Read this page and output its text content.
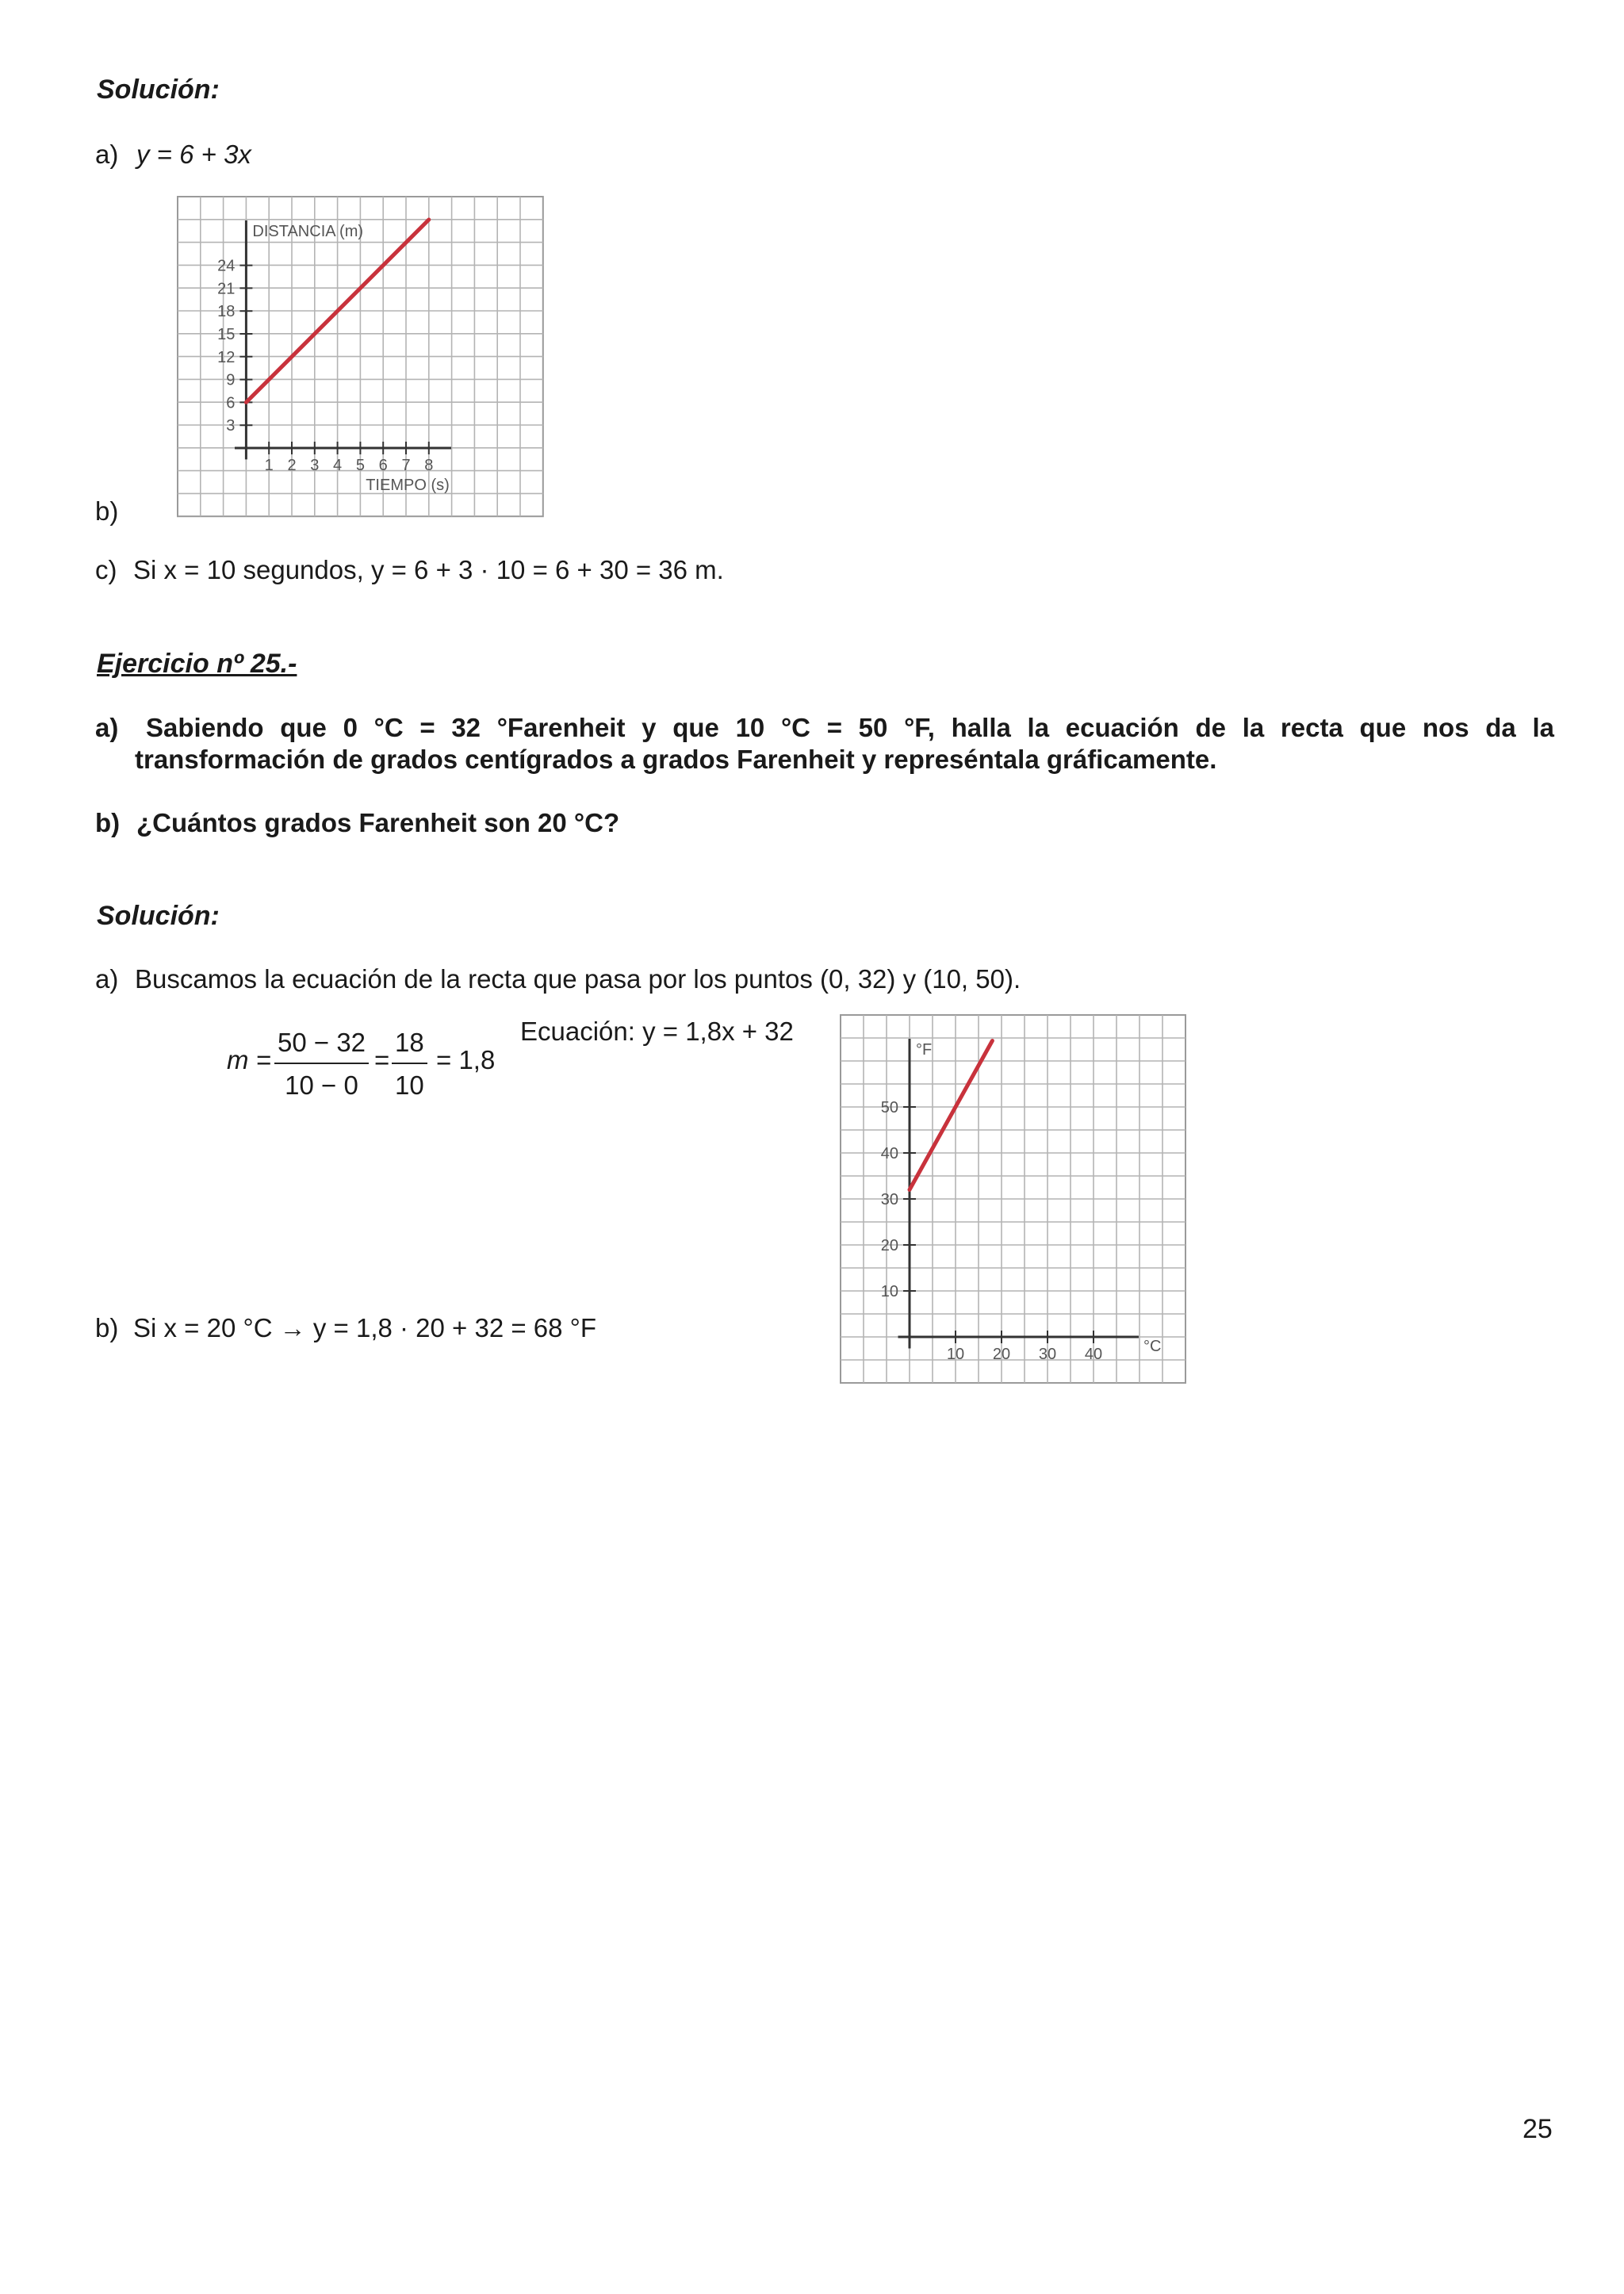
Solución:
a) y = 6 + 3x
b)
3
6
9
12
15
18
21
24
1 2 3 4 5 6 7 8
DISTANCIA (m)
TIEMPO (s)
c) Si x = 10 segundos, y = 6 + 3 · 10 = 6 + 30 = 36 m.
Ejercicio nº 25.-
a) Sabiendo que 0 °C = 32 °Farenheit y que 10 °C = 50 °F, halla la ecuación de la recta que nos da la
transformación de grados centígrados a grados Farenheit y represéntala gráficamente.
b) ¿Cuántos grados Farenheit son 20 °C?
Solución:
a) Buscamos la ecuación de la recta que pasa por los puntos (0, 32) y (10, 50).
$m = \frac{50 - 32}{10 - 0} = \frac{18}{10} = 1,8$
Ecuación: y = 1,8x + 32
10
20
30
40
50
10 20 30 40
°F
°C
b) Si x = 20 °C → y = 1,8 · 20 + 32 = 68 °F
25
